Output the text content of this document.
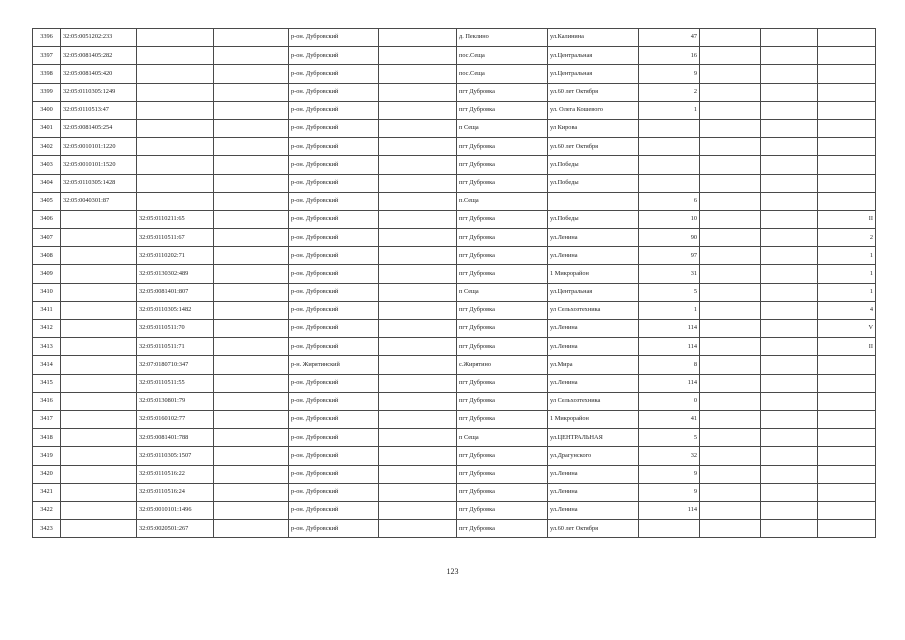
3396	32:05:0051202:233			р-он. Дубровский		д. Пеклино	ул.Калинина	47			
3397	32:05:0081405:282			р-он. Дубровский		пос.Сеща	ул.Центральная	16			
3398	32:05:0081405:420			р-он. Дубровский		пос.Сеща	ул.Центральная	9			
3399	32:05:0110305:1249			р-он. Дубровский		пгт Дубровка	ул.60 лет Октября	2			
3400	32:05:0110513:47			р-он. Дубровский		пгт Дубровка	ул. Олега Кошевого	1			
3401	32:05:0081405:254			р-он. Дубровский		п Сеща	ул Кирова				
3402	32:05:0010101:1220			р-он. Дубровский		пгт Дубровка	ул.60 лет Октября				
3403	32:05:0010101:1520			р-он. Дубровский		пгт Дубровка	ул.Победы				
3404	32:05:0110305:1428			р-он. Дубровский		пгт Дубровка	ул.Победы				
3405	32:05:0040301:87			р-он. Дубровский		п.Сеща		6			
3406		32:05:0110211:65		р-он. Дубровский		пгт Дубровка	ул.Победы	10			II
3407		32:05:0110511:67		р-он. Дубровский		пгт Дубровка	ул.Ленина	90			2
3408		32:05:0110202:71		р-он. Дубровский		пгт Дубровка	ул.Ленина	97			1
3409		32:05:0130302:489		р-он. Дубровский		пгт Дубровка	1 Микрорайон	31			1
3410		32:05:0081401:807		р-он. Дубровский		п Сеща	ул.Центральная	5			1
3411		32:05:0110305:1482		р-он. Дубровский		пгт Дубровка	ул Сельхозтехника	1			4
3412		32:05:0110511:70		р-он. Дубровский		пгт Дубровка	ул.Ленина	114			V
3413		32:05:0110511:71		р-он. Дубровский		пгт Дубровка	ул.Ленина	114			II
3414		32:07:0180710:347		р-н. Жирятинский		с.Жирятино	ул.Мира	8			
3415		32:05:0110511:55		р-он. Дубровский		пгт Дубровка	ул.Ленина	114			
3416		32:05:0130801:79		р-он. Дубровский		пгт Дубровка	ул Сельхозтехника	0			
3417		32:05:0160102:77		р-он. Дубровский		пгт Дубровка	1 Микрорайон	41			
3418		32:05:0081401:788		р-он. Дубровский		п Сеща	ул.ЦЕНТРАЛЬНАЯ	5			
3419		32:05:0110305:1507		р-он. Дубровский		пгт Дубровка	ул.Драгунского	32			
3420		32:05:0110516:22		р-он. Дубровский		пгт Дубровка	ул.Ленина	9			
3421		32:05:0110516:24		р-он. Дубровский		пгт Дубровка	ул.Ленина	9			
3422		32:05:0010101:1496		р-он. Дубровский		пгт Дубровка	ул.Ленина	114			
3423		32:05:0020501:267		р-он. Дубровский		пгт Дубровка	ул.60 лет Октября				
123
